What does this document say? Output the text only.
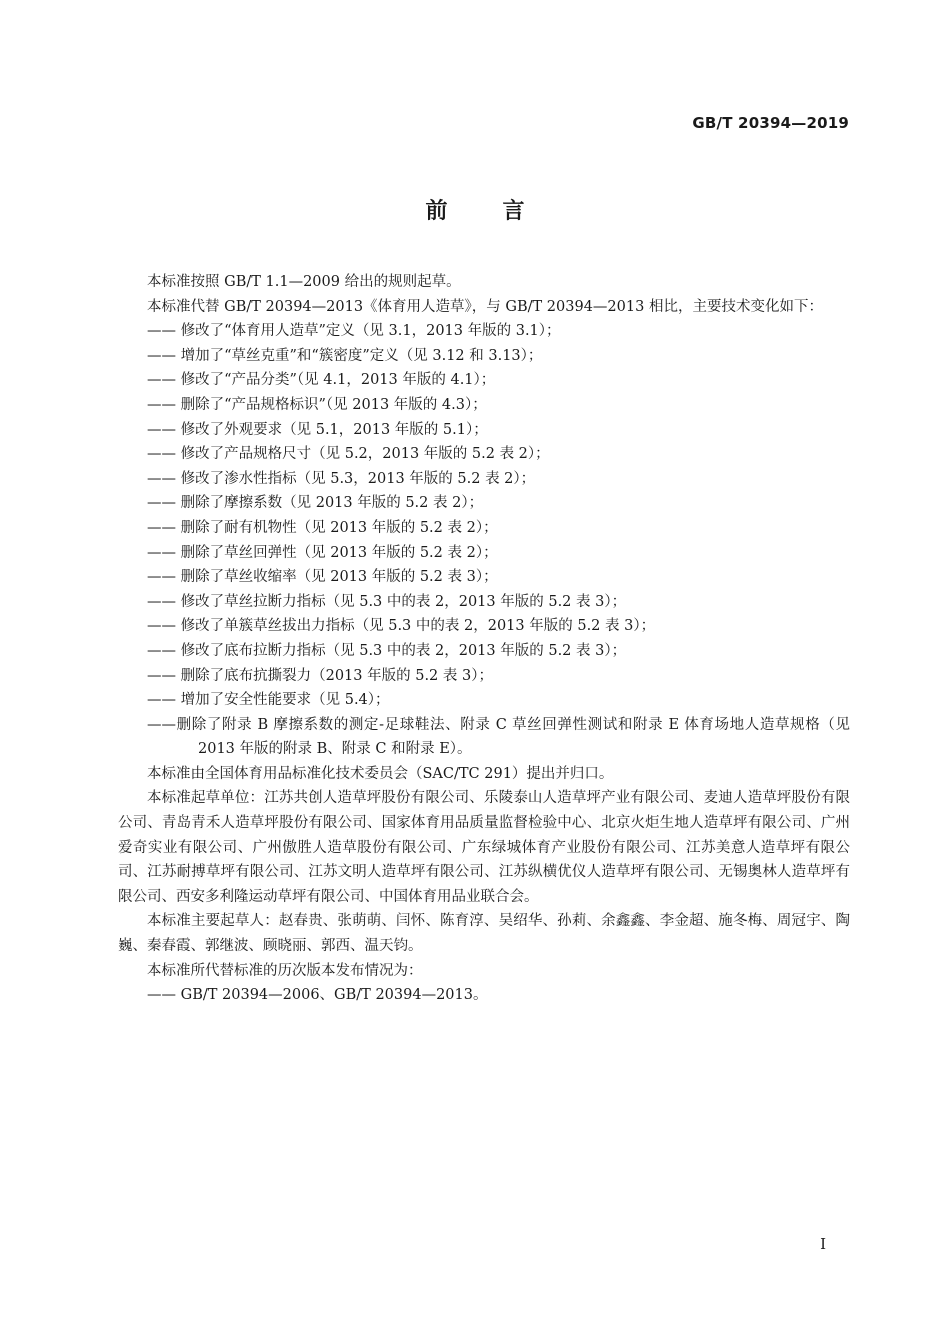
GB/T 20394—2019
前言

本标准按照 GB/T 1.1—2009 给出的规则起草。

本标准代替 GB/T 20394—2013《体育用人造草》，与 GB/T 20394—2013 相比，主要技术变化如下：

—— 修改了“体育用人造草”定义（见 3.1，2013 年版的 3.1）；

—— 增加了“草丝克重”和“簇密度”定义（见 3.12 和 3.13）；

—— 修改了“产品分类”（见 4.1，2013 年版的 4.1）；

—— 删除了“产品规格标识”（见 2013 年版的 4.3）；

—— 修改了外观要求（见 5.1，2013 年版的 5.1）；

—— 修改了产品规格尺寸（见 5.2，2013 年版的 5.2 表 2）；

—— 修改了渗水性指标（见 5.3，2013 年版的 5.2 表 2）；

—— 删除了摩擦系数（见 2013 年版的 5.2 表 2）；

—— 删除了耐有机物性（见 2013 年版的 5.2 表 2）；

—— 删除了草丝回弹性（见 2013 年版的 5.2 表 2）；

—— 删除了草丝收缩率（见 2013 年版的 5.2 表 3）；

—— 修改了草丝拉断力指标（见 5.3 中的表 2，2013 年版的 5.2 表 3）；

—— 修改了单簇草丝拔出力指标（见 5.3 中的表 2，2013 年版的 5.2 表 3）；

—— 修改了底布拉断力指标（见 5.3 中的表 2，2013 年版的 5.2 表 3）；

—— 删除了底布抗撕裂力（2013 年版的 5.2 表 3）；

—— 增加了安全性能要求（见 5.4）；

——删除了附录 B 摩擦系数的测定-足球鞋法、附录 C 草丝回弹性测试和附录 E 体育场地人造草规格（见 2013 年版的附录 B、附录 C 和附录 E）。

本标准由全国体育用品标准化技术委员会（SAC/TC 291）提出并归口。

本标准起草单位：江苏共创人造草坪股份有限公司、乐陵泰山人造草坪产业有限公司、麦迪人造草坪股份有限公司、青岛青禾人造草坪股份有限公司、国家体育用品质量监督检验中心、北京火炬生地人造草坪有限公司、广州爱奇实业有限公司、广州傲胜人造草股份有限公司、广东绿城体育产业股份有限公司、江苏美意人造草坪有限公司、江苏耐搏草坪有限公司、江苏文明人造草坪有限公司、江苏纵横优仪人造草坪有限公司、无锡奥林人造草坪有限公司、西安多利隆运动草坪有限公司、中国体育用品业联合会。

本标准主要起草人：赵春贵、张萌萌、闫怀、陈育淳、吴绍华、孙莉、余鑫鑫、李金超、施冬梅、周冠宇、陶巍、秦春霞、郭继波、顾晓丽、郭西、温天钧。

本标准所代替标准的历次版本发布情况为：

—— GB/T 20394—2006、GB/T 20394—2013。

I
